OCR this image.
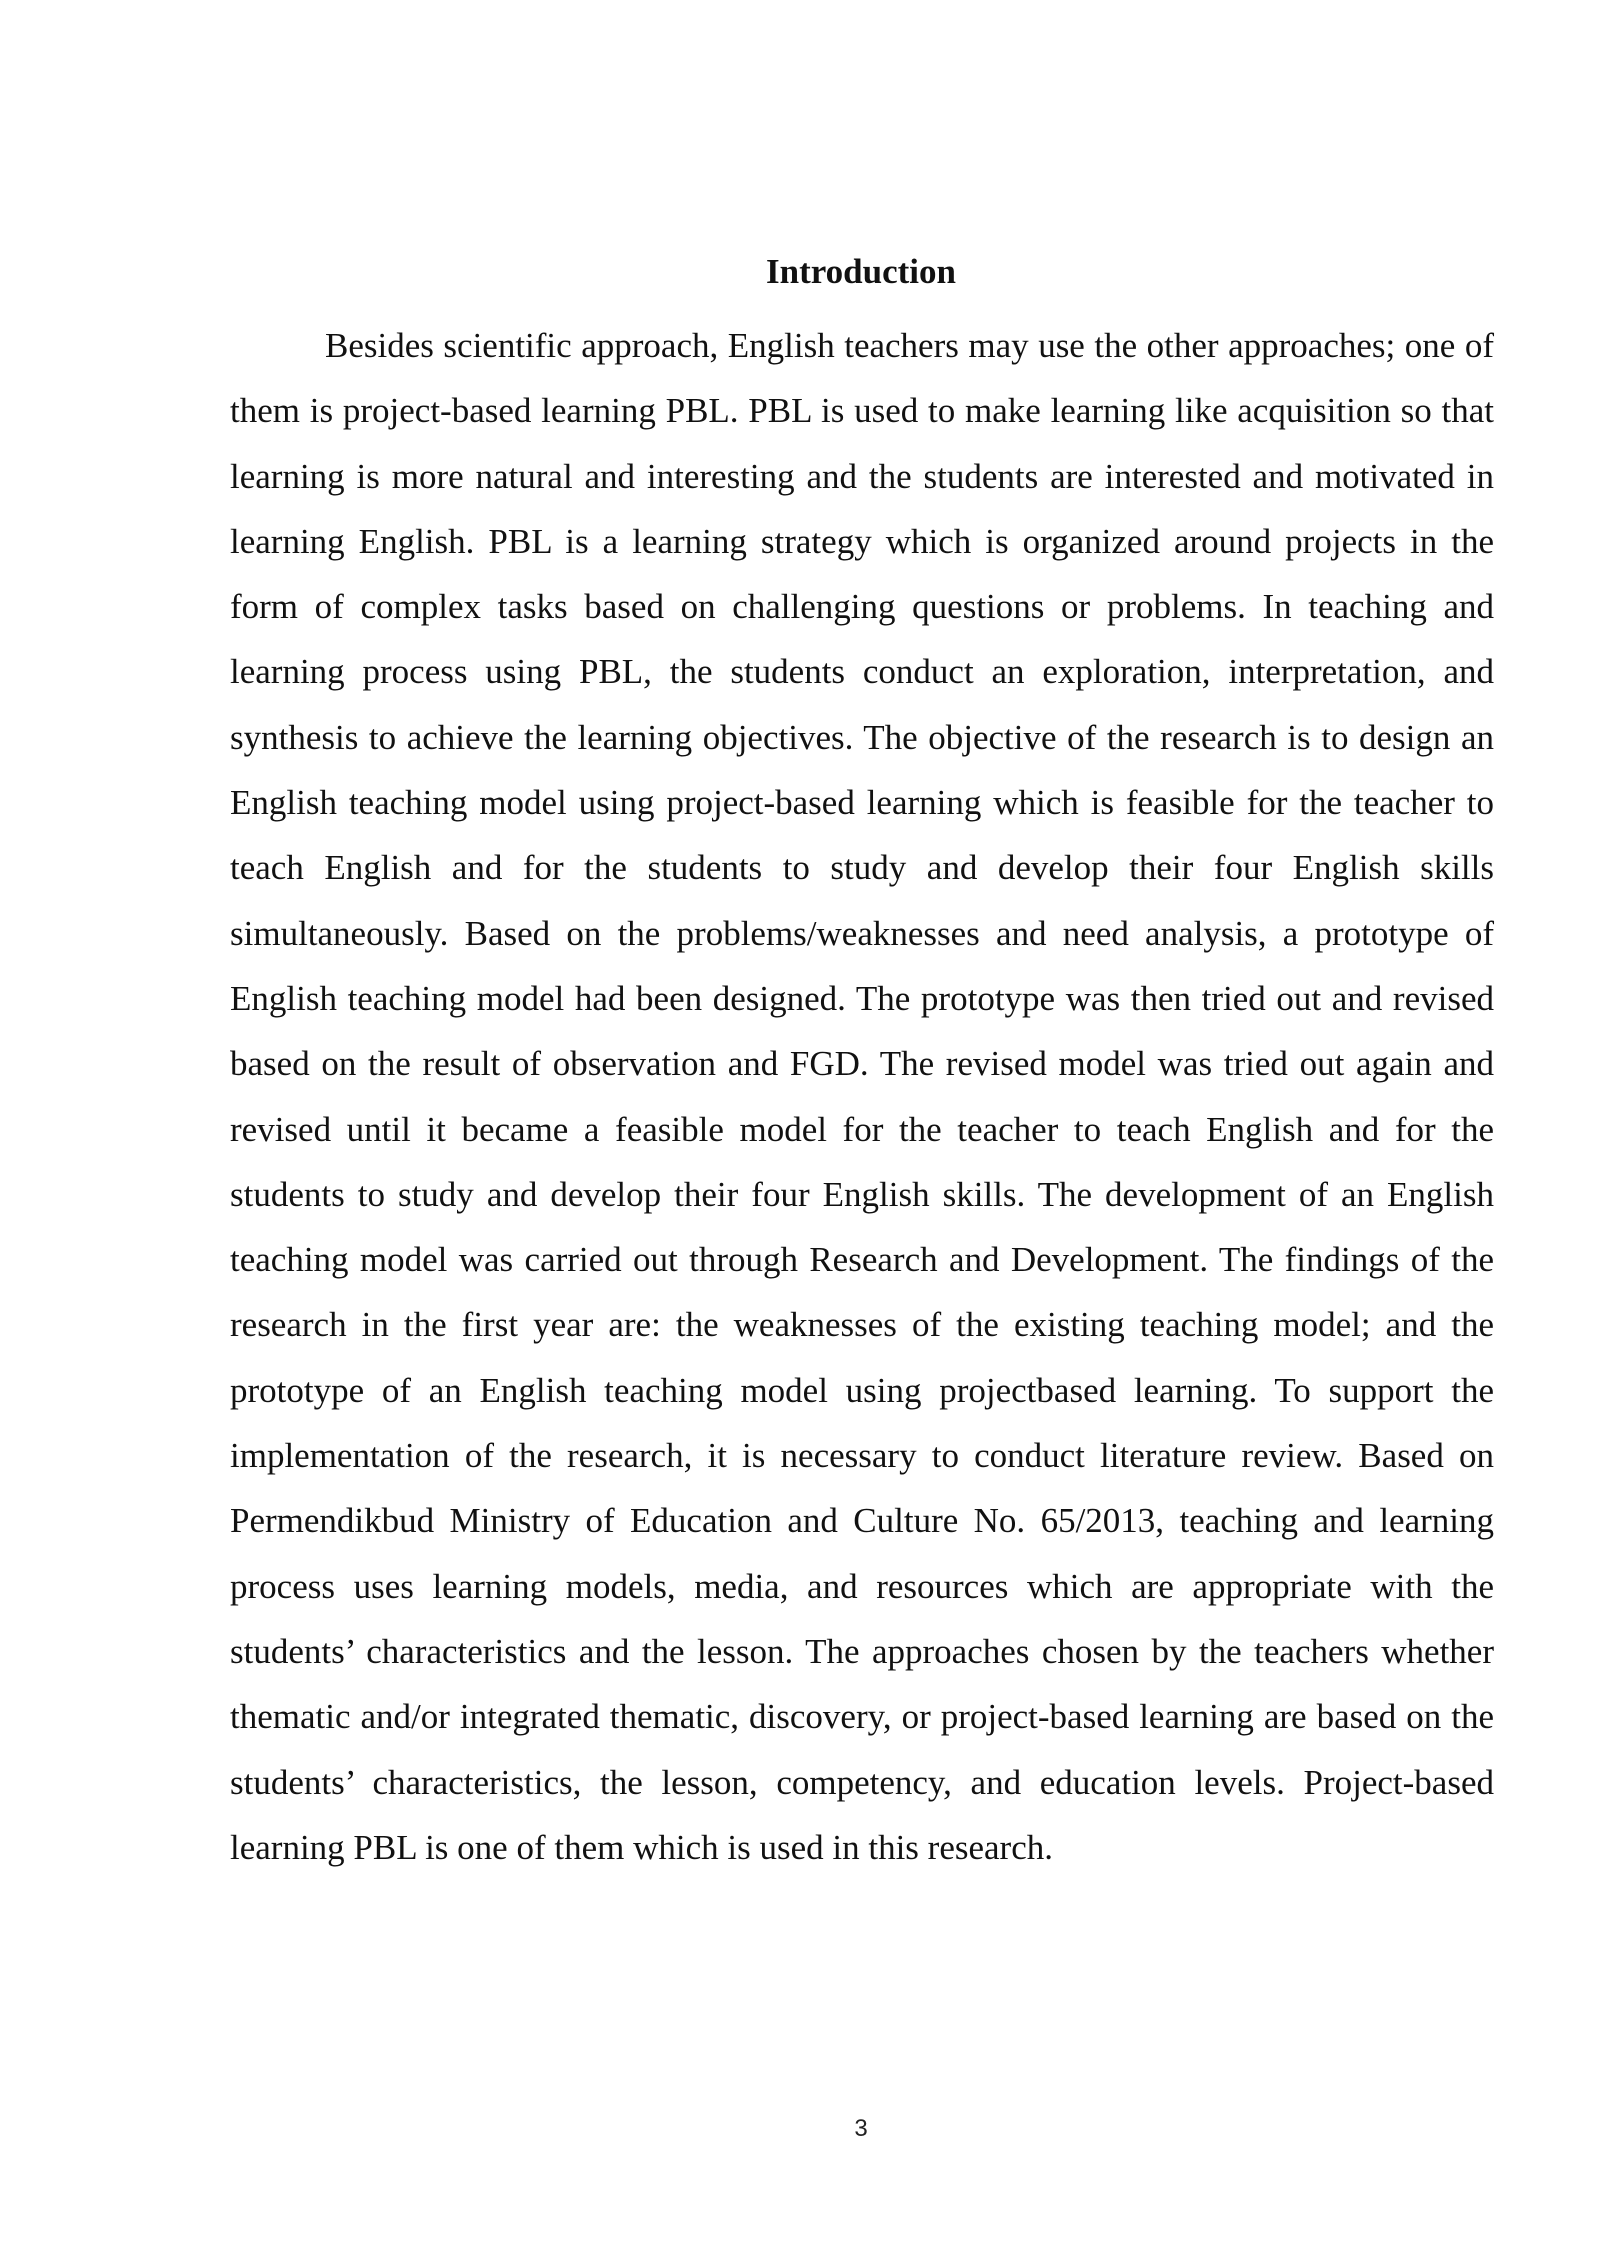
Introduction

Besides scientific approach, English teachers may use the other approaches; one of them is project-based learning PBL. PBL is used to make learning like acquisition so that learning is more natural and interesting and the students are interested and motivated in learning English. PBL is a learning strategy which is organized around projects in the form of complex tasks based on challenging questions or problems. In teaching and learning process using PBL, the students conduct an exploration, interpretation, and synthesis to achieve the learning objectives. The objective of the research is to design an English teaching model using project-based learning which is feasible for the teacher to teach English and for the students to study and develop their four English skills simultaneously. Based on the problems/weaknesses and need analysis, a prototype of English teaching model had been designed. The prototype was then tried out and revised based on the result of observation and FGD. The revised model was tried out again and revised until it became a feasible model for the teacher to teach English and for the students to study and develop their four English skills. The development of an English teaching model was carried out through Research and Development. The findings of the research in the first year are: the weaknesses of the existing teaching model; and the prototype of an English teaching model using projectbased learning. To support the implementation of the research, it is necessary to conduct literature review. Based on Permendikbud Ministry of Education and Culture No. 65/2013, teaching and learning process uses learning models, media, and resources which are appropriate with the students’ characteristics and the lesson. The approaches chosen by the teachers whether thematic and/or integrated thematic, discovery, or project-based learning are based on the students’ characteristics, the lesson, competency, and education levels. Project-based learning PBL is one of them which is used in this research.

3
